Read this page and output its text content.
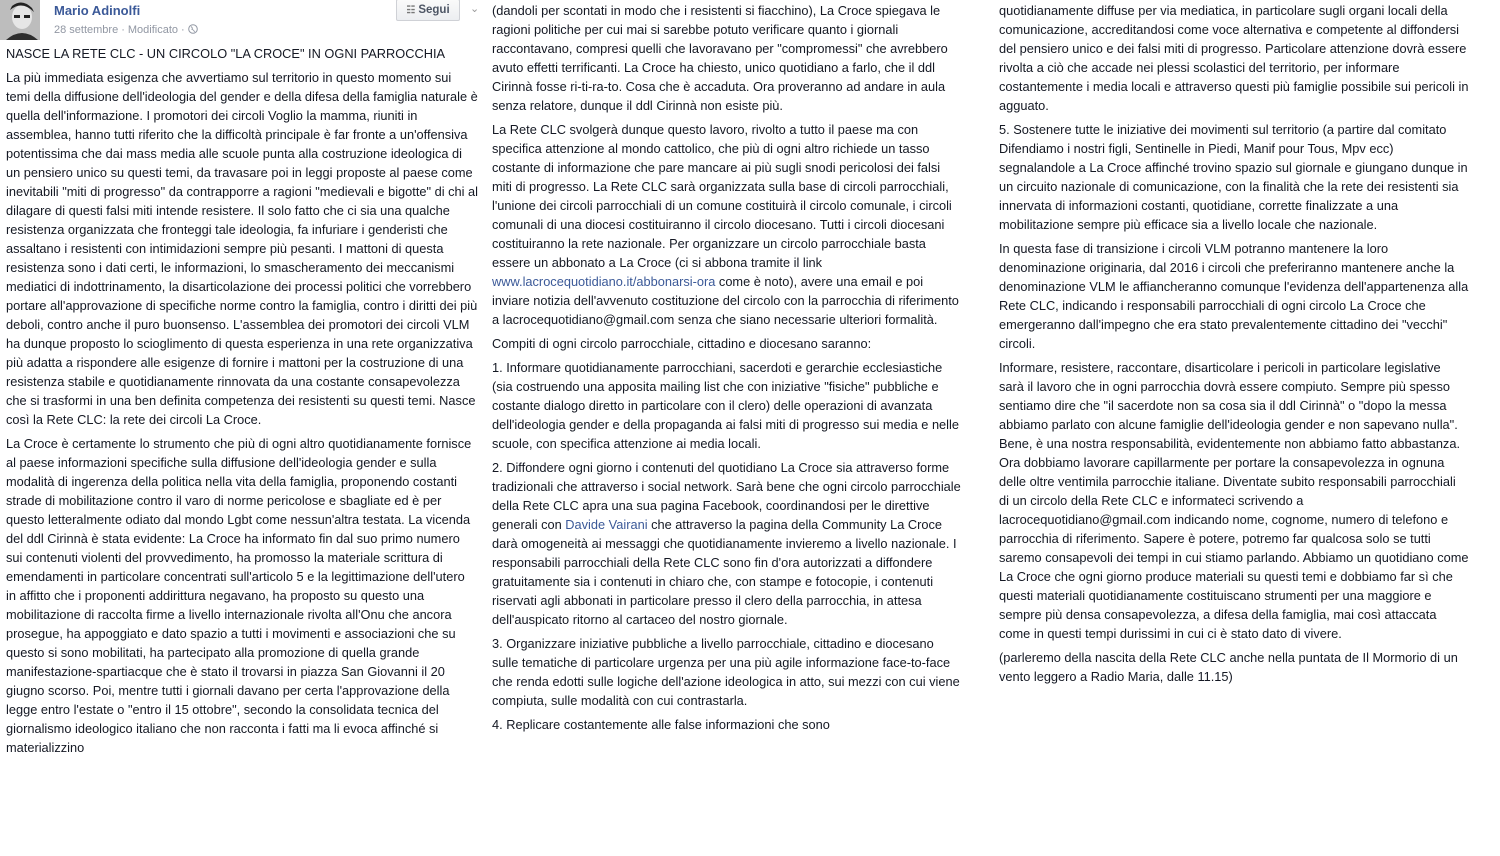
Mario Adinolfi
28 settembre · Modificato ·
☷ Segui	⌄

NASCE LA RETE CLC - UN CIRCOLO "LA CROCE" IN OGNI PARROCCHIA

La più immediata esigenza che avvertiamo sul territorio in questo momento sui temi della diffusione dell'ideologia del gender e della difesa della famiglia naturale è quella dell'informazione. I promotori dei circoli Voglio la mamma, riuniti in assemblea, hanno tutti riferito che la difficoltà principale è far fronte a un'offensiva potentissima che dai mass media alle scuole punta alla costruzione ideologica di un pensiero unico su questi temi, da travasare poi in leggi proposte al paese come inevitabili "miti di progresso" da contrapporre a ragioni "medievali e bigotte" di chi al dilagare di questi falsi miti intende resistere. Il solo fatto che ci sia una qualche resistenza organizzata che fronteggi tale ideologia, fa infuriare i genderisti che assaltano i resistenti con intimidazioni sempre più pesanti. I mattoni di questa resistenza sono i dati certi, le informazioni, lo smascheramento dei meccanismi mediatici di indottrinamento, la disarticolazione dei processi politici che vorrebbero portare all'approvazione di specifiche norme contro la famiglia, contro i diritti dei più deboli, contro anche il puro buonsenso. L'assemblea dei promotori dei circoli VLM ha dunque proposto lo scioglimento di questa esperienza in una rete organizzativa più adatta a rispondere alle esigenze di fornire i mattoni per la costruzione di una resistenza stabile e quotidianamente rinnovata da una costante consapevolezza che si trasformi in una ben definita competenza dei resistenti su questi temi. Nasce così la Rete CLC: la rete dei circoli La Croce.

La Croce è certamente lo strumento che più di ogni altro quotidianamente fornisce al paese informazioni specifiche sulla diffusione dell'ideologia gender e sulla modalità di ingerenza della politica nella vita della famiglia, proponendo costanti strade di mobilitazione contro il varo di norme pericolose e sbagliate ed è per questo letteralmente odiato dal mondo Lgbt come nessun'altra testata. La vicenda del ddl Cirinnà è stata evidente: La Croce ha informato fin dal suo primo numero sui contenuti violenti del provvedimento, ha promosso la materiale scrittura di emendamenti in particolare concentrati sull'articolo 5 e la legittimazione dell'utero in affitto che i proponenti addirittura negavano, ha proposto su questo una mobilitazione di raccolta firme a livello internazionale rivolta all'Onu che ancora prosegue, ha appoggiato e dato spazio a tutti i movimenti e associazioni che su questo si sono mobilitati, ha partecipato alla promozione di quella grande manifestazione-spartiacque che è stato il trovarsi in piazza San Giovanni il 20 giugno scorso. Poi, mentre tutti i giornali davano per certa l'approvazione della legge entro l'estate o "entro il 15 ottobre", secondo la consolidata tecnica del giornalismo ideologico italiano che non racconta i fatti ma li evoca affinché si materializzino

(dandoli per scontati in modo che i resistenti si fiacchino), La Croce spiegava le ragioni politiche per cui mai si sarebbe potuto verificare quanto i giornali raccontavano, compresi quelli che lavoravano per "compromessi" che avrebbero avuto effetti terrificanti. La Croce ha chiesto, unico quotidiano a farlo, che il ddl Cirinnà fosse ri-ti-ra-to. Cosa che è accaduta. Ora proveranno ad andare in aula senza relatore, dunque il ddl Cirinnà non esiste più.

La Rete CLC svolgerà dunque questo lavoro, rivolto a tutto il paese ma con specifica attenzione al mondo cattolico, che più di ogni altro richiede un tasso costante di informazione che pare mancare ai più sugli snodi pericolosi dei falsi miti di progresso. La Rete CLC sarà organizzata sulla base di circoli parrocchiali, l'unione dei circoli parrocchiali di un comune costituirà il circolo comunale, i circoli comunali di una diocesi costituiranno il circolo diocesano. Tutti i circoli diocesani costituiranno la rete nazionale. Per organizzare un circolo parrocchiale basta essere un abbonato a La Croce (ci si abbona tramite il link www.lacrocequotidiano.it/abbonarsi-ora come è noto), avere una email e poi inviare notizia dell'avvenuto costituzione del circolo con la parrocchia di riferimento a lacrocequotidiano@gmail.com senza che siano necessarie ulteriori formalità.

Compiti di ogni circolo parrocchiale, cittadino e diocesano saranno:

1. Informare quotidianamente parrocchiani, sacerdoti e gerarchie ecclesiastiche (sia costruendo una apposita mailing list che con iniziative "fisiche" pubbliche e costante dialogo diretto in particolare con il clero) delle operazioni di avanzata dell'ideologia gender e della propaganda ai falsi miti di progresso sui media e nelle scuole, con specifica attenzione ai media locali.

2. Diffondere ogni giorno i contenuti del quotidiano La Croce sia attraverso forme tradizionali che attraverso i social network. Sarà bene che ogni circolo parrocchiale della Rete CLC apra una sua pagina Facebook, coordinandosi per le direttive generali con Davide Vairani che attraverso la pagina della Community La Croce darà omogeneità ai messaggi che quotidianamente invieremo a livello nazionale. I responsabili parrocchiali della Rete CLC sono fin d'ora autorizzati a diffondere gratuitamente sia i contenuti in chiaro che, con stampe e fotocopie, i contenuti riservati agli abbonati in particolare presso il clero della parrocchia, in attesa dell'auspicato ritorno al cartaceo del nostro giornale.

3. Organizzare iniziative pubbliche a livello parrocchiale, cittadino e diocesano sulle tematiche di particolare urgenza per una più agile informazione face-to-face che renda edotti sulle logiche dell'azione ideologica in atto, sui mezzi con cui viene compiuta, sulle modalità con cui contrastarla.

4. Replicare costantemente alle false informazioni che sono

quotidianamente diffuse per via mediatica, in particolare sugli organi locali della comunicazione, accreditandosi come voce alternativa e competente al diffondersi del pensiero unico e dei falsi miti di progresso. Particolare attenzione dovrà essere rivolta a ciò che accade nei plessi scolastici del territorio, per informare costantemente i media locali e attraverso questi più famiglie possibile sui pericoli in agguato.

5. Sostenere tutte le iniziative dei movimenti sul territorio (a partire dal comitato Difendiamo i nostri figli, Sentinelle in Piedi, Manif pour Tous, Mpv ecc) segnalandole a La Croce affinché trovino spazio sul giornale e giungano dunque in un circuito nazionale di comunicazione, con la finalità che la rete dei resistenti sia innervata di informazioni costanti, quotidiane, corrette finalizzate a una mobilitazione sempre più efficace sia a livello locale che nazionale.

In questa fase di transizione i circoli VLM potranno mantenere la loro denominazione originaria, dal 2016 i circoli che preferiranno mantenere anche la denominazione VLM le affiancheranno comunque l'evidenza dell'appartenenza alla Rete CLC, indicando i responsabili parrocchiali di ogni circolo La Croce che emergeranno dall'impegno che era stato prevalentemente cittadino dei "vecchi" circoli.

Informare, resistere, raccontare, disarticolare i pericoli in particolare legislative sarà il lavoro che in ogni parrocchia dovrà essere compiuto. Sempre più spesso sentiamo dire che "il sacerdote non sa cosa sia il ddl Cirinnà" o "dopo la messa abbiamo parlato con alcune famiglie dell'ideologia gender e non sapevano nulla". Bene, è una nostra responsabilità, evidentemente non abbiamo fatto abbastanza. Ora dobbiamo lavorare capillarmente per portare la consapevolezza in ognuna delle oltre ventimila parrocchie italiane. Diventate subito responsabili parrocchiali di un circolo della Rete CLC e informateci scrivendo a lacrocequotidiano@gmail.com indicando nome, cognome, numero di telefono e parrocchia di riferimento. Sapere è potere, potremo far qualcosa solo se tutti saremo consapevoli dei tempi in cui stiamo parlando. Abbiamo un quotidiano come La Croce che ogni giorno produce materiali su questi temi e dobbiamo far sì che questi materiali quotidianamente costituiscano strumenti per una maggiore e sempre più densa consapevolezza, a difesa della famiglia, mai così attaccata come in questi tempi durissimi in cui ci è stato dato di vivere.

(parleremo della nascita della Rete CLC anche nella puntata de Il Mormorio di un vento leggero a Radio Maria, dalle 11.15)
